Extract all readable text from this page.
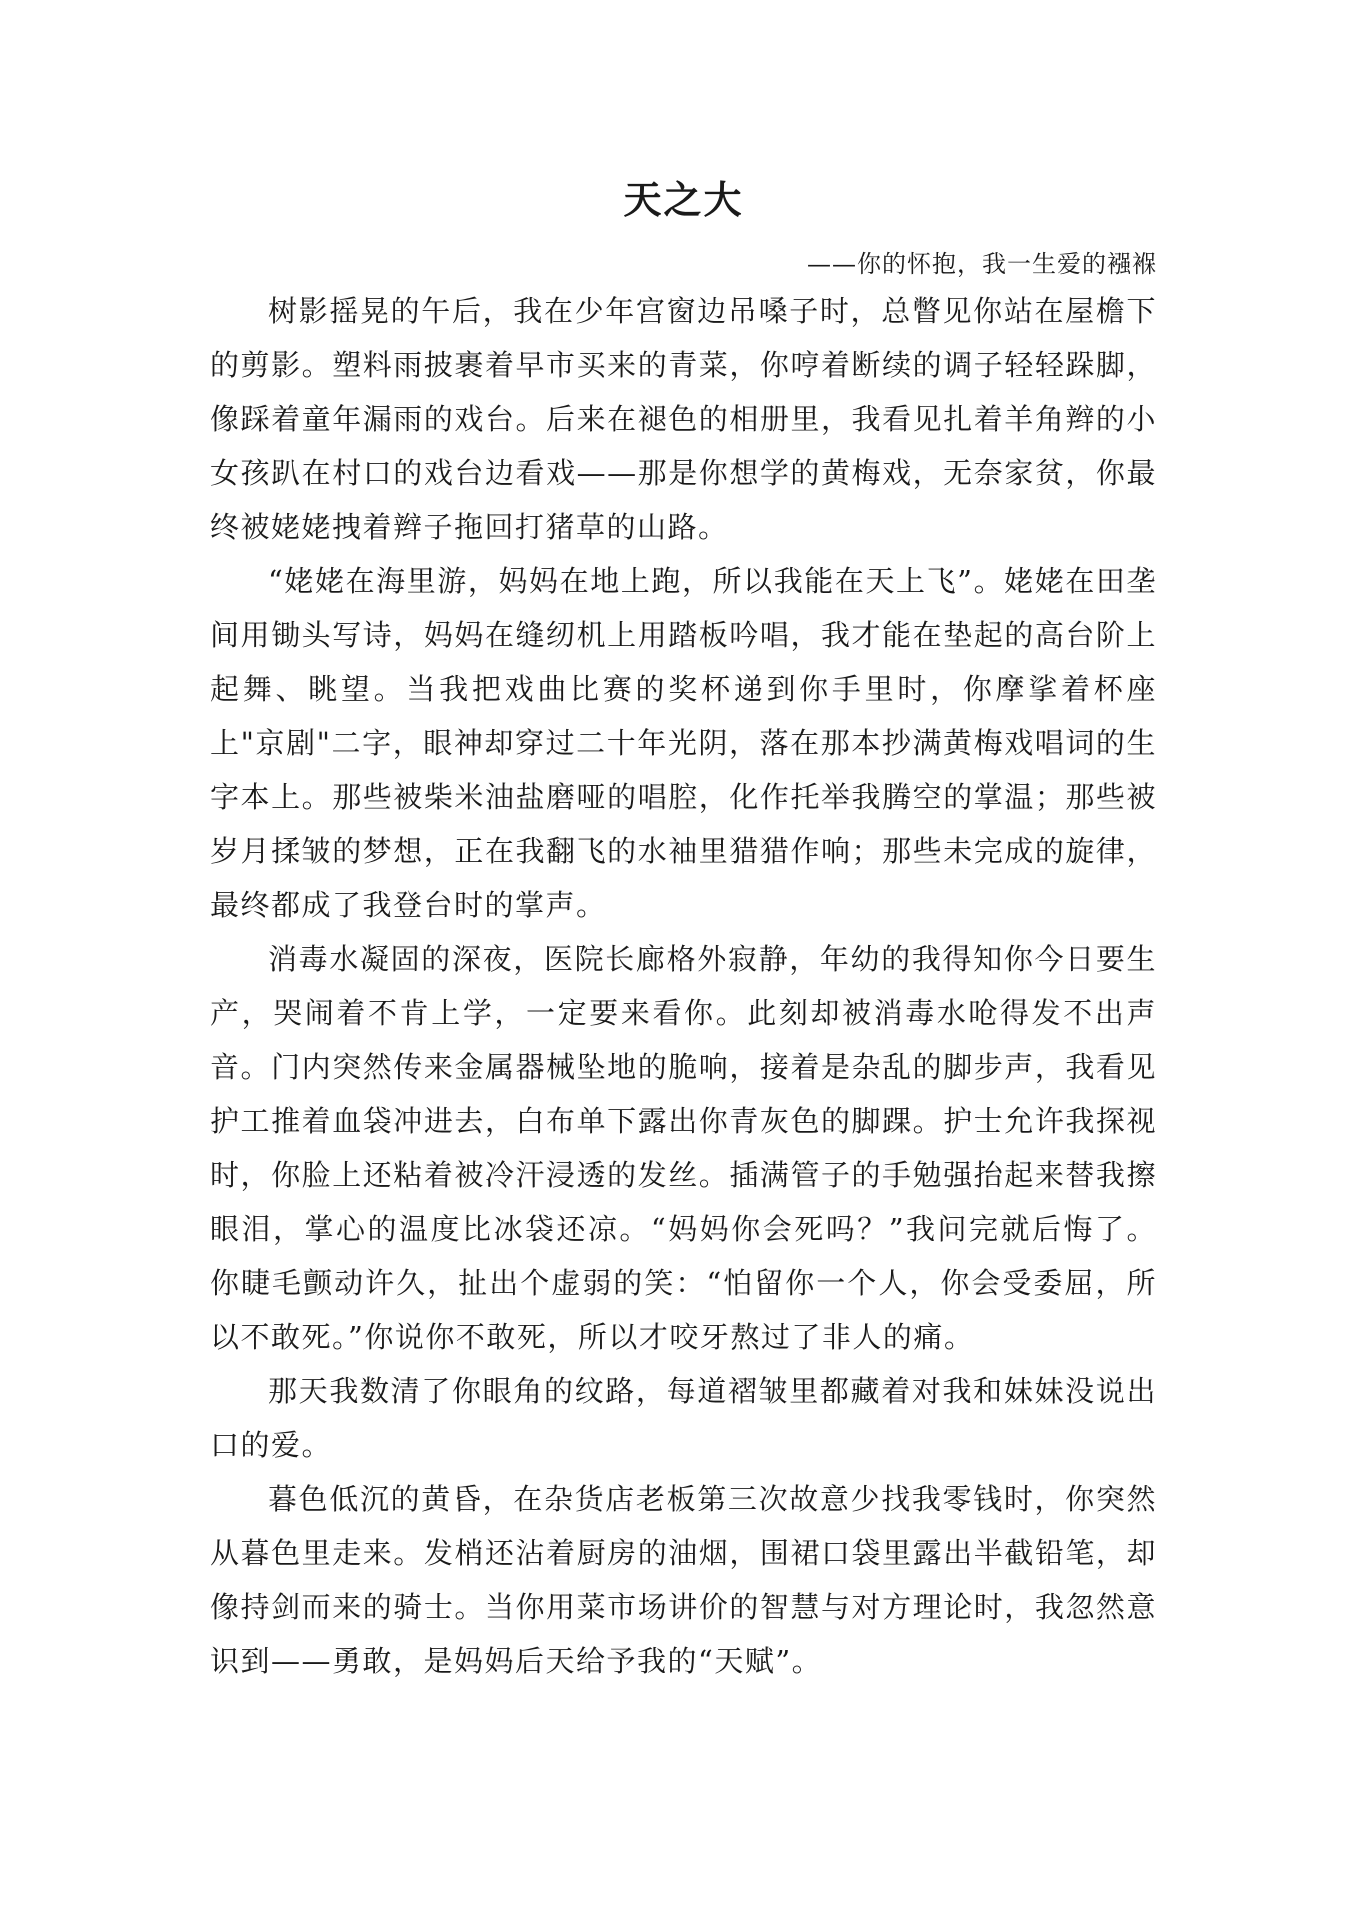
天之大

——你的怀抱，我一生爱的襁褓

树影摇晃的午后，我在少年宫窗边吊嗓子时，总瞥见你站在屋檐下的剪影。塑料雨披裹着早市买来的青菜，你哼着断续的调子轻轻跺脚，像踩着童年漏雨的戏台。后来在褪色的相册里，我看见扎着羊角辫的小女孩趴在村口的戏台边看戏——那是你想学的黄梅戏，无奈家贫，你最终被姥姥拽着辫子拖回打猪草的山路。

“姥姥在海里游，妈妈在地上跑，所以我能在天上飞”。姥姥在田垄间用锄头写诗，妈妈在缝纫机上用踏板吟唱，我才能在垫起的高台阶上起舞、眺望。当我把戏曲比赛的奖杯递到你手里时，你摩挲着杯座上"京剧"二字，眼神却穿过二十年光阴，落在那本抄满黄梅戏唱词的生字本上。那些被柴米油盐磨哑的唱腔，化作托举我腾空的掌温；那些被岁月揉皱的梦想，正在我翻飞的水袖里猎猎作响；那些未完成的旋律，最终都成了我登台时的掌声。

消毒水凝固的深夜，医院长廊格外寂静，年幼的我得知你今日要生产，哭闹着不肯上学，一定要来看你。此刻却被消毒水呛得发不出声音。门内突然传来金属器械坠地的脆响，接着是杂乱的脚步声，我看见护工推着血袋冲进去，白布单下露出你青灰色的脚踝。护士允许我探视时，你脸上还粘着被冷汗浸透的发丝。插满管子的手勉强抬起来替我擦眼泪，掌心的温度比冰袋还凉。“妈妈你会死吗？”我问完就后悔了。你睫毛颤动许久，扯出个虚弱的笑：“怕留你一个人，你会受委屈，所以不敢死。”你说你不敢死，所以才咬牙熬过了非人的痛。

那天我数清了你眼角的纹路，每道褶皱里都藏着对我和妹妹没说出口的爱。

暮色低沉的黄昏，在杂货店老板第三次故意少找我零钱时，你突然从暮色里走来。发梢还沾着厨房的油烟，围裙口袋里露出半截铅笔，却像持剑而来的骑士。当你用菜市场讲价的智慧与对方理论时，我忽然意识到——勇敢，是妈妈后天给予我的“天赋”。
